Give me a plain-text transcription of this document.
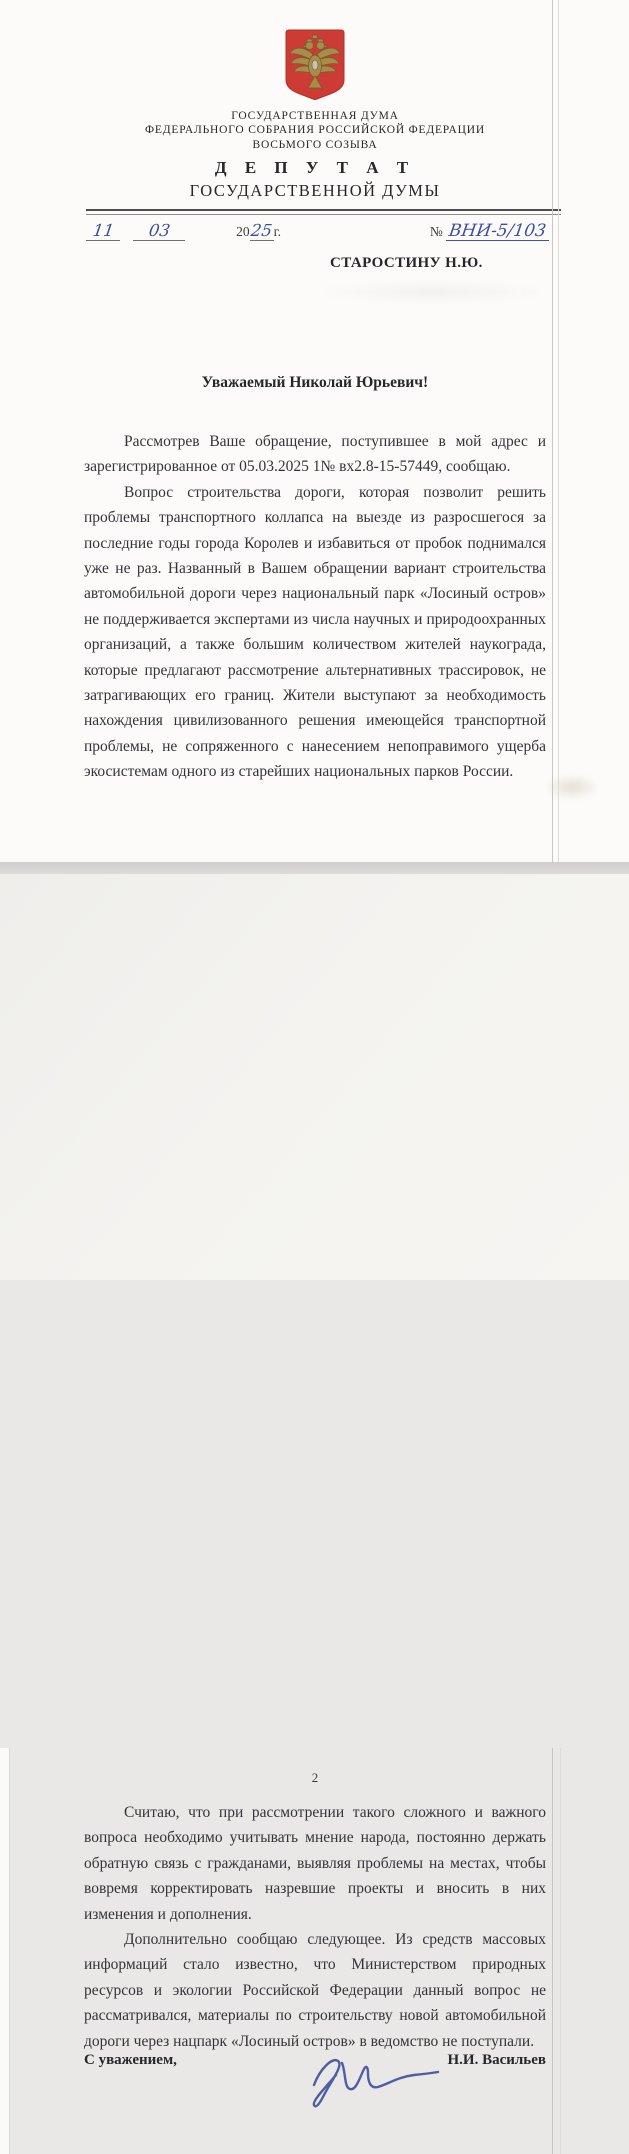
ГОСУДАРСТВЕННАЯ ДУМА
ФЕДЕРАЛЬНОГО СОБРАНИЯ РОССИЙСКОЙ ФЕДЕРАЦИИ
ВОСЬМОГО СОЗЫВА
Д Е П У Т А Т
ГОСУДАРСТВЕННОЙ ДУМЫ
11 03	2025г.	№ ВНИ-5/103
СТАРОСТИНУ Н.Ю.
Уважаемый Николай Юрьевич!

Рассмотрев Ваше обращение, поступившее в мой адрес и зарегистрированное от 05.03.2025 1№ вх2.8-15-57449, сообщаю.

Вопрос строительства дороги, которая позволит решить проблемы транспортного коллапса на выезде из разросшегося за последние годы города Королев и избавиться от пробок поднимался уже не раз. Названный в Вашем обращении вариант строительства автомобильной дороги через национальный парк «Лосиный остров» не поддерживается экспертами из числа научных и природоохранных организаций, а также большим количеством жителей наукограда, которые предлагают рассмотрение альтернативных трассировок, не затрагивающих его границ. Жители выступают за необходимость нахождения цивилизованного решения имеющейся транспортной проблемы, не сопряженного с нанесением непоправимого ущерба экосистемам одного из старейших национальных парков России.

2

Считаю, что при рассмотрении такого сложного и важного вопроса необходимо учитывать мнение народа, постоянно держать обратную связь с гражданами, выявляя проблемы на местах, чтобы вовремя корректировать назревшие проекты и вносить в них изменения и дополнения.

Дополнительно сообщаю следующее. Из средств массовых информаций стало известно, что Министерством природных ресурсов и экологии Российской Федерации данный вопрос не рассматривался, материалы по строительству новой автомобильной дороги через нацпарк «Лосиный остров» в ведомство не поступали.

С уважением,	Н.И. Васильев
